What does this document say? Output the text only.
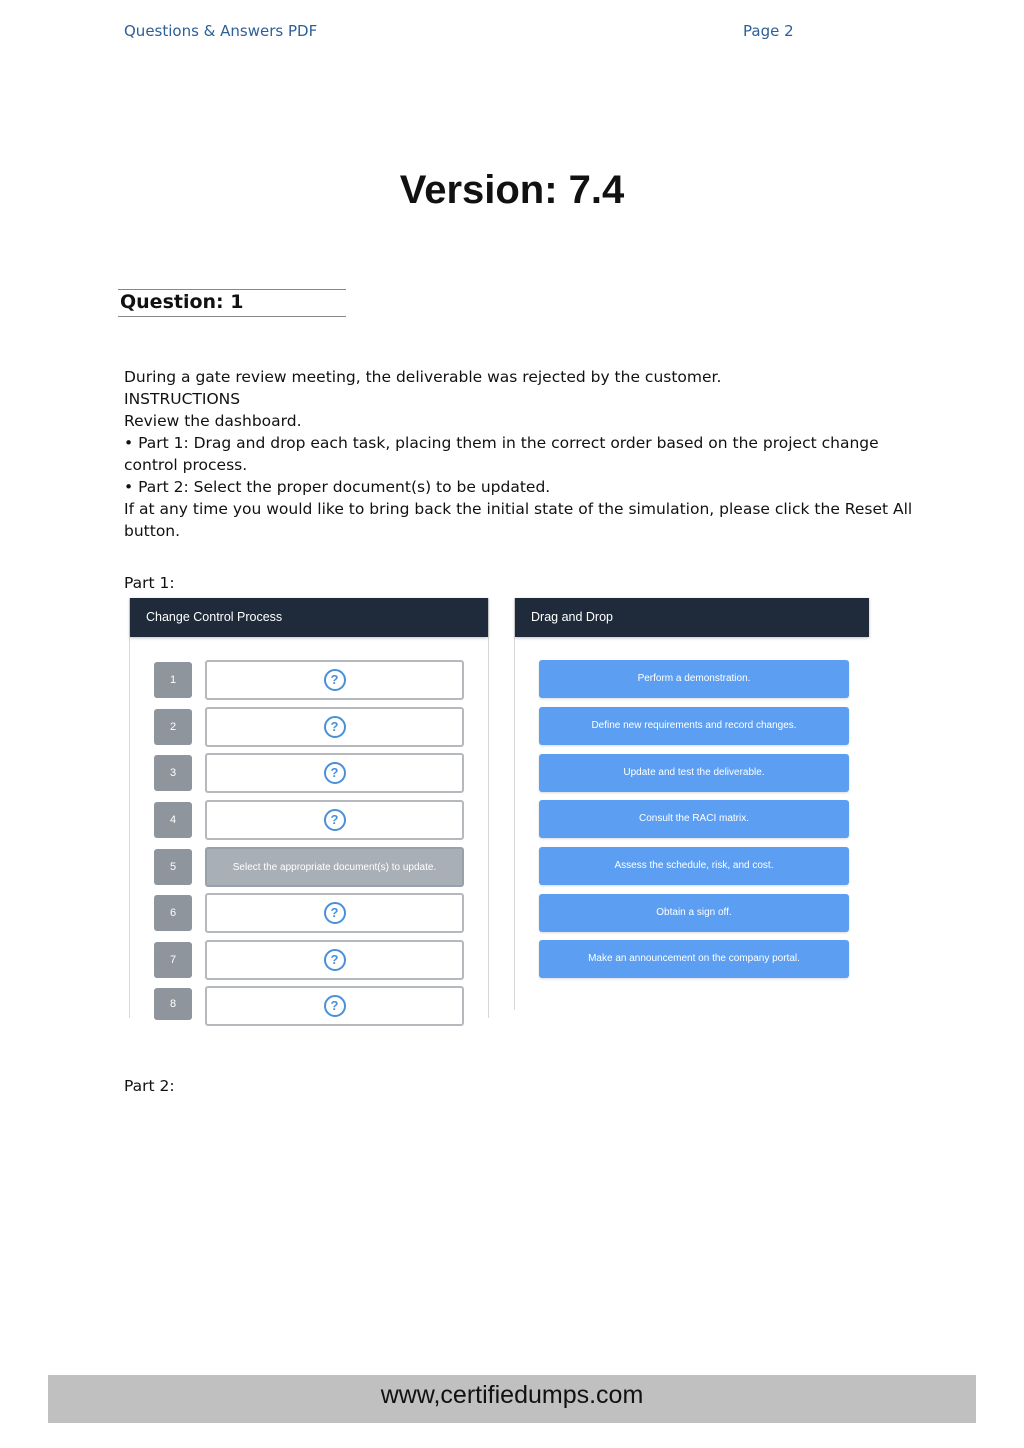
Questions & Answers PDF	Page 2
Version: 7.4
Question: 1
During a gate review meeting, the deliverable was rejected by the customer.
INSTRUCTIONS
Review the dashboard.
• Part 1: Drag and drop each task, placing them in the correct order based on the project change control process.
• Part 2: Select the proper document(s) to be updated.
If at any time you would like to bring back the initial state of the simulation, please click the Reset All button.
Part 1:
Change Control Process
1	?
2	?
3	?
4	?
5	Select the appropriate document(s) to update.
6	?
7	?
8	?
Drag and Drop
Perform a demonstration.
Define new requirements and record changes.
Update and test the deliverable.
Consult the RACI matrix.
Assess the schedule, risk, and cost.
Obtain a sign off.
Make an announcement on the company portal.
Part 2:
www,certifiedumps.com
